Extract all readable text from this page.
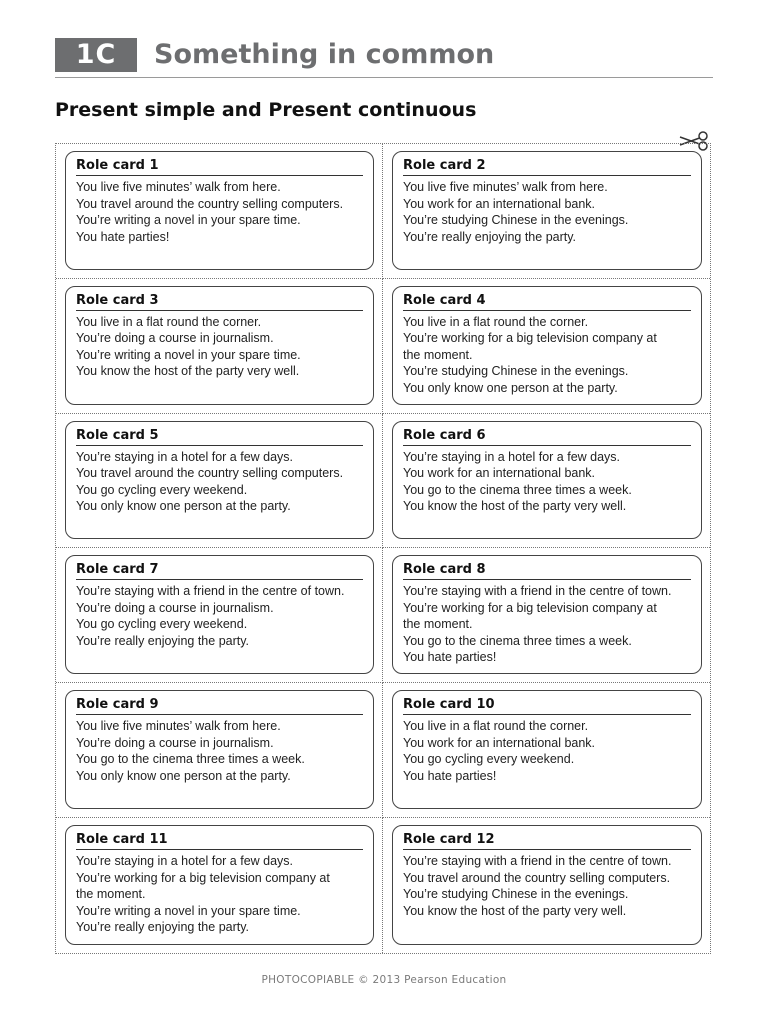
1C	Something in common
Present simple and Present continuous
Role card 1
You live five minutes’ walk from here.
You travel around the country selling computers.
You’re writing a novel in your spare time.
You hate parties!
Role card 2
You live five minutes’ walk from here.
You work for an international bank.
You’re studying Chinese in the evenings.
You’re really enjoying the party.
Role card 3
You live in a flat round the corner.
You’re doing a course in journalism.
You’re writing a novel in your spare time.
You know the host of the party very well.
Role card 4
You live in a flat round the corner.
You’re working for a big television company at
the moment.
You’re studying Chinese in the evenings.
You only know one person at the party.
Role card 5
You’re staying in a hotel for a few days.
You travel around the country selling computers.
You go cycling every weekend.
You only know one person at the party.
Role card 6
You’re staying in a hotel for a few days.
You work for an international bank.
You go to the cinema three times a week.
You know the host of the party very well.
Role card 7
You’re staying with a friend in the centre of town.
You’re doing a course in journalism.
You go cycling every weekend.
You’re really enjoying the party.
Role card 8
You’re staying with a friend in the centre of town.
You’re working for a big television company at
the moment.
You go to the cinema three times a week.
You hate parties!
Role card 9
You live five minutes’ walk from here.
You’re doing a course in journalism.
You go to the cinema three times a week.
You only know one person at the party.
Role card 10
You live in a flat round the corner.
You work for an international bank.
You go cycling every weekend.
You hate parties!
Role card 11
You’re staying in a hotel for a few days.
You’re working for a big television company at
the moment.
You’re writing a novel in your spare time.
You’re really enjoying the party.
Role card 12
You’re staying with a friend in the centre of town.
You travel around the country selling computers.
You’re studying Chinese in the evenings.
You know the host of the party very well.
PHOTOCOPIABLE © 2013 Pearson Education
